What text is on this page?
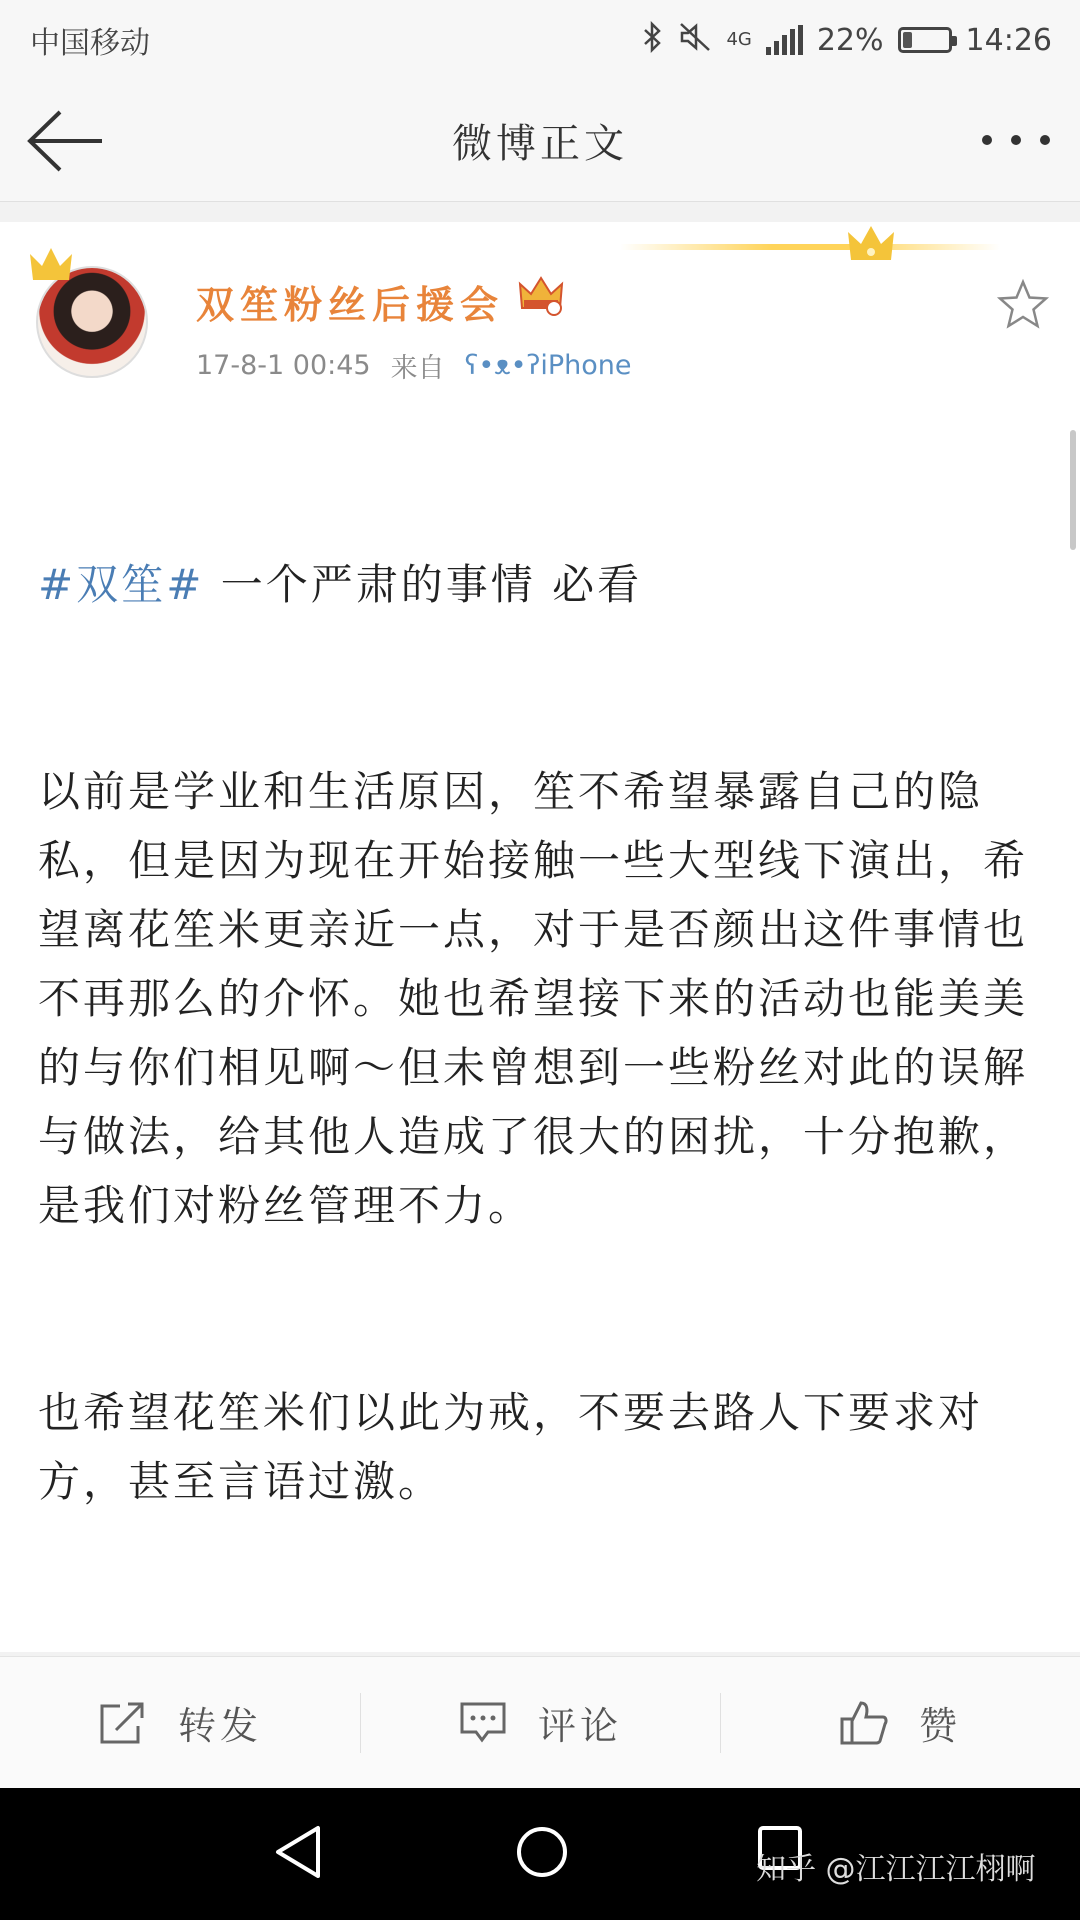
中国移动	4G 22%	14:26
微博正文
双笙粉丝后援会
17-8-1 00:45 来自 ʕ•ᴥ•ʔiPhone

#双笙# 一个严肃的事情 必看

以前是学业和生活原因，笙不希望暴露自己的隐私，但是因为现在开始接触一些大型线下演出，希望离花笙米更亲近一点，对于是否颜出这件事情也不再那么的介怀。她也希望接下来的活动也能美美的与你们相见啊～但未曾想到一些粉丝对此的误解与做法，给其他人造成了很大的困扰，十分抱歉，是我们对粉丝管理不力。

也希望花笙米们以此为戒，不要去路人下要求对方，甚至言语过激。

转发	评论	赞
知乎 @江江江江栩啊
